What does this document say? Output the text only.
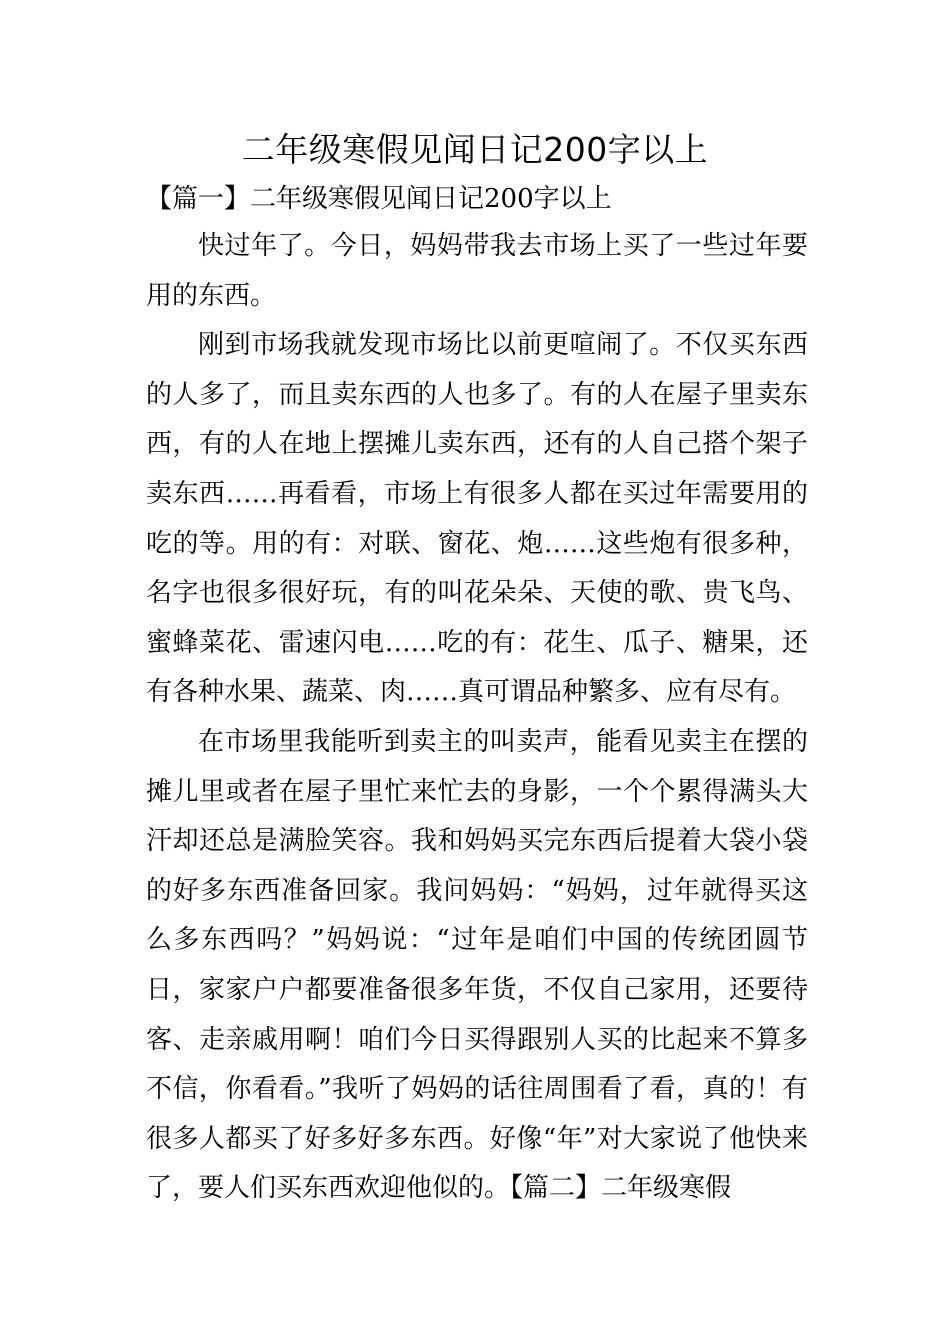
二年级寒假见闻日记200字以上

【篇一】二年级寒假见闻日记200字以上

快过年了。今日，妈妈带我去市场上买了一些过年要用的东西。

刚到市场我就发现市场比以前更喧闹了。不仅买东西的人多了，而且卖东西的人也多了。有的人在屋子里卖东西，有的人在地上摆摊儿卖东西，还有的人自己搭个架子卖东西……再看看，市场上有很多人都在买过年需要用的吃的等。用的有：对联、窗花、炮……这些炮有很多种，名字也很多很好玩，有的叫花朵朵、天使的歌、贵飞鸟、蜜蜂菜花、雷速闪电……吃的有：花生、瓜子、糖果，还有各种水果、蔬菜、肉……真可谓品种繁多、应有尽有。

在市场里我能听到卖主的叫卖声，能看见卖主在摆的摊儿里或者在屋子里忙来忙去的身影，一个个累得满头大汗却还总是满脸笑容。我和妈妈买完东西后提着大袋小袋的好多东西准备回家。我问妈妈：“妈妈，过年就得买这么多东西吗？”妈妈说：“过年是咱们中国的传统团圆节日，家家户户都要准备很多年货，不仅自己家用，还要待客、走亲戚用啊！咱们今日买得跟别人买的比起来不算多不信，你看看。”我听了妈妈的话往周围看了看，真的！有很多人都买了好多好多东西。好像“年”对大家说了他快来了，要人们买东西欢迎他似的。【篇二】二年级寒假
